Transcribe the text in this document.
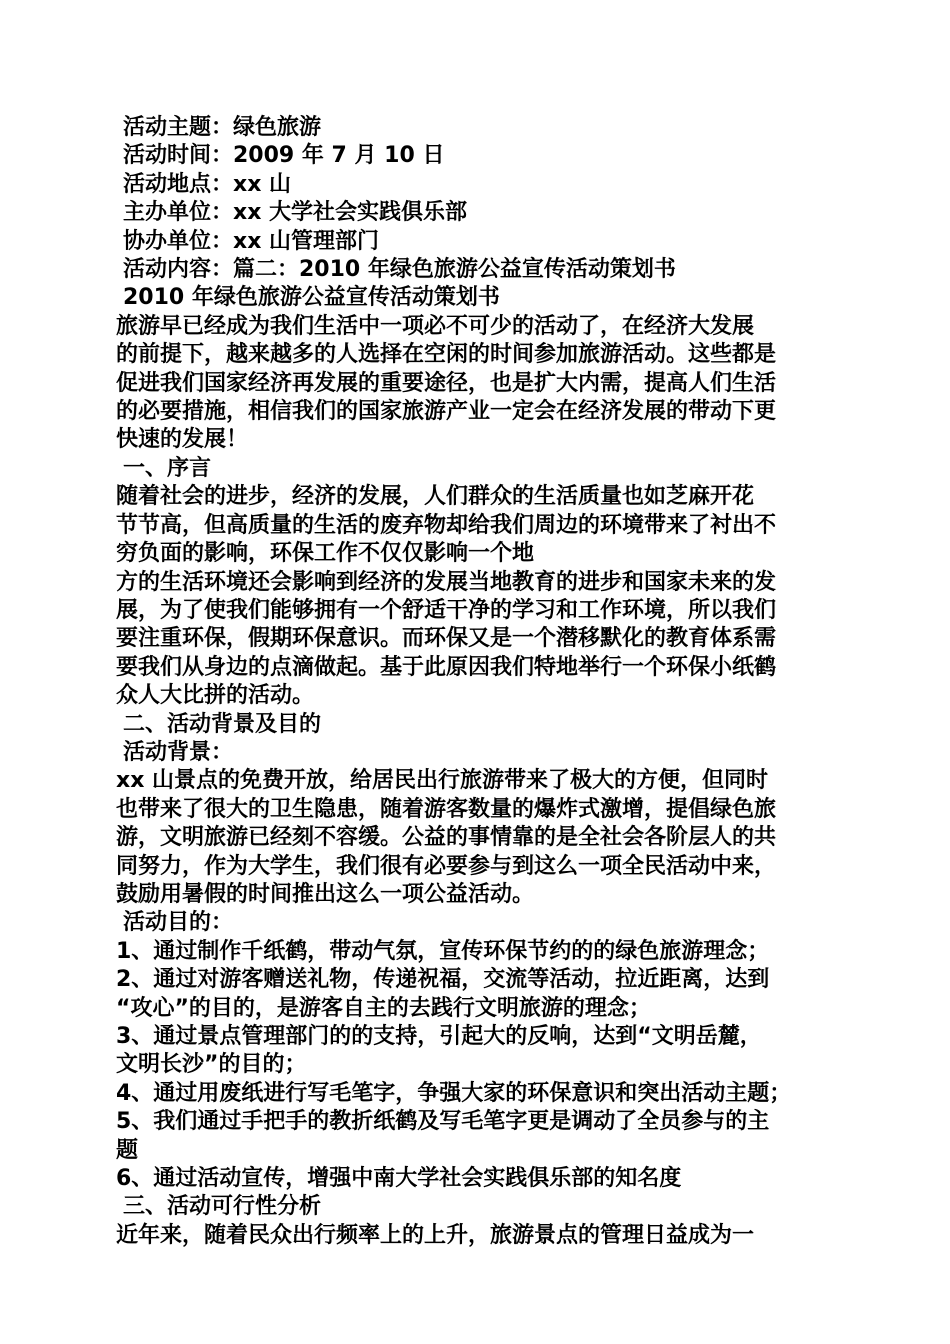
活动主题：绿色旅游
活动时间：2009 年 7 月 10 日
活动地点：xx 山
主办单位：xx 大学社会实践俱乐部
协办单位：xx 山管理部门
活动内容：篇二：2010 年绿色旅游公益宣传活动策划书
2010 年绿色旅游公益宣传活动策划书
旅游早已经成为我们生活中一项必不可少的活动了，在经济大发展
的前提下，越来越多的人选择在空闲的时间参加旅游活动。这些都是
促进我们国家经济再发展的重要途径，也是扩大内需，提高人们生活
的必要措施，相信我们的国家旅游产业一定会在经济发展的带动下更
快速的发展！
一、序言
随着社会的进步，经济的发展，人们群众的生活质量也如芝麻开花
节节高，但高质量的生活的废弃物却给我们周边的环境带来了衬出不
穷负面的影响，环保工作不仅仅影响一个地
方的生活环境还会影响到经济的发展当地教育的进步和国家未来的发
展，为了使我们能够拥有一个舒适干净的学习和工作环境，所以我们
要注重环保，假期环保意识。而环保又是一个潜移默化的教育体系需
要我们从身边的点滴做起。基于此原因我们特地举行一个环保小纸鹤
众人大比拼的活动。
二、活动背景及目的
活动背景：
xx 山景点的免费开放，给居民出行旅游带来了极大的方便，但同时
也带来了很大的卫生隐患，随着游客数量的爆炸式激增，提倡绿色旅
游，文明旅游已经刻不容缓。公益的事情靠的是全社会各阶层人的共
同努力，作为大学生，我们很有必要参与到这么一项全民活动中来，
鼓励用暑假的时间推出这么一项公益活动。
活动目的：
1、通过制作千纸鹤，带动气氛，宣传环保节约的的绿色旅游理念；
2、通过对游客赠送礼物，传递祝福，交流等活动，拉近距离，达到
“攻心”的目的，是游客自主的去践行文明旅游的理念；
3、通过景点管理部门的的支持，引起大的反响，达到“文明岳麓，
文明长沙”的目的；
4、通过用废纸进行写毛笔字，争强大家的环保意识和突出活动主题；
5、我们通过手把手的教折纸鹤及写毛笔字更是调动了全员参与的主
题
6、通过活动宣传，增强中南大学社会实践俱乐部的知名度
三、活动可行性分析
近年来，随着民众出行频率上的上升，旅游景点的管理日益成为一
